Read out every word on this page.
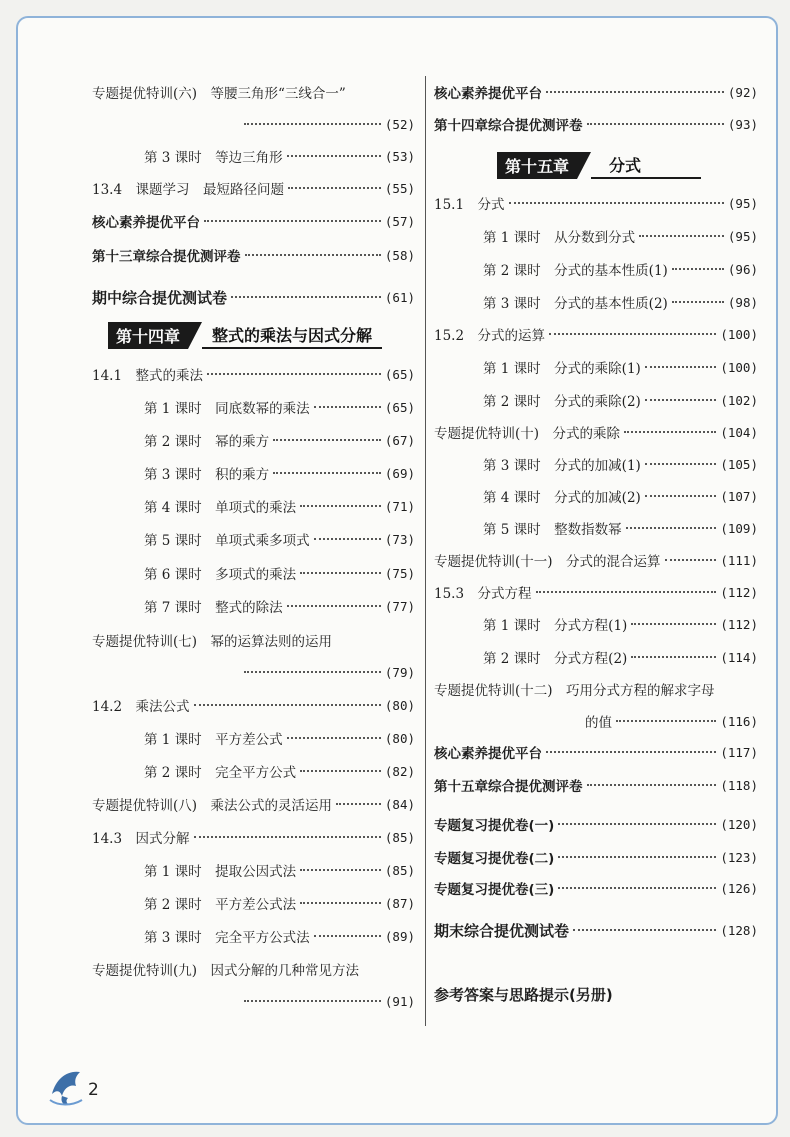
专题提优特训(六)　等腰三角形“三线合一”
(52)
第 3 课时　等边三角形	(53)
13.4　课题学习　最短路径问题	(55)
核心素养提优平台	(57)
第十三章综合提优测评卷	(58)
期中综合提优测试卷	(61)
14.1　整式的乘法	(65)
第 1 课时　同底数幂的乘法	(65)
第 2 课时　幂的乘方	(67)
第 3 课时　积的乘方	(69)
第 4 课时　单项式的乘法	(71)
第 5 课时　单项式乘多项式	(73)
第 6 课时　多项式的乘法	(75)
第 7 课时　整式的除法	(77)
专题提优特训(七)　幂的运算法则的运用
(79)
14.2　乘法公式	(80)
第 1 课时　平方差公式	(80)
第 2 课时　完全平方公式	(82)
专题提优特训(八)　乘法公式的灵活运用	(84)
14.3　因式分解	(85)
第 1 课时　提取公因式法	(85)
第 2 课时　平方差公式法	(87)
第 3 课时　完全平方公式法	(89)
专题提优特训(九)　因式分解的几种常见方法
(91)
核心素养提优平台	(92)
第十四章综合提优测评卷	(93)
15.1　分式	(95)
第 1 课时　从分数到分式	(95)
第 2 课时　分式的基本性质(1)	(96)
第 3 课时　分式的基本性质(2)	(98)
15.2　分式的运算	(100)
第 1 课时　分式的乘除(1)	(100)
第 2 课时　分式的乘除(2)	(102)
专题提优特训(十)　分式的乘除	(104)
第 3 课时　分式的加减(1)	(105)
第 4 课时　分式的加减(2)	(107)
第 5 课时　整数指数幂	(109)
专题提优特训(十一)　分式的混合运算	(111)
15.3　分式方程	(112)
第 1 课时　分式方程(1)	(112)
第 2 课时　分式方程(2)	(114)
专题提优特训(十二)　巧用分式方程的解求字母
的值	(116)
核心素养提优平台	(117)
第十五章综合提优测评卷	(118)
专题复习提优卷(一)	(120)
专题复习提优卷(二)	(123)
专题复习提优卷(三)	(126)
期末综合提优测试卷	(128)
参考答案与思路提示(另册)
第十四章	整式的乘法与因式分解
第十五章	分式
2
